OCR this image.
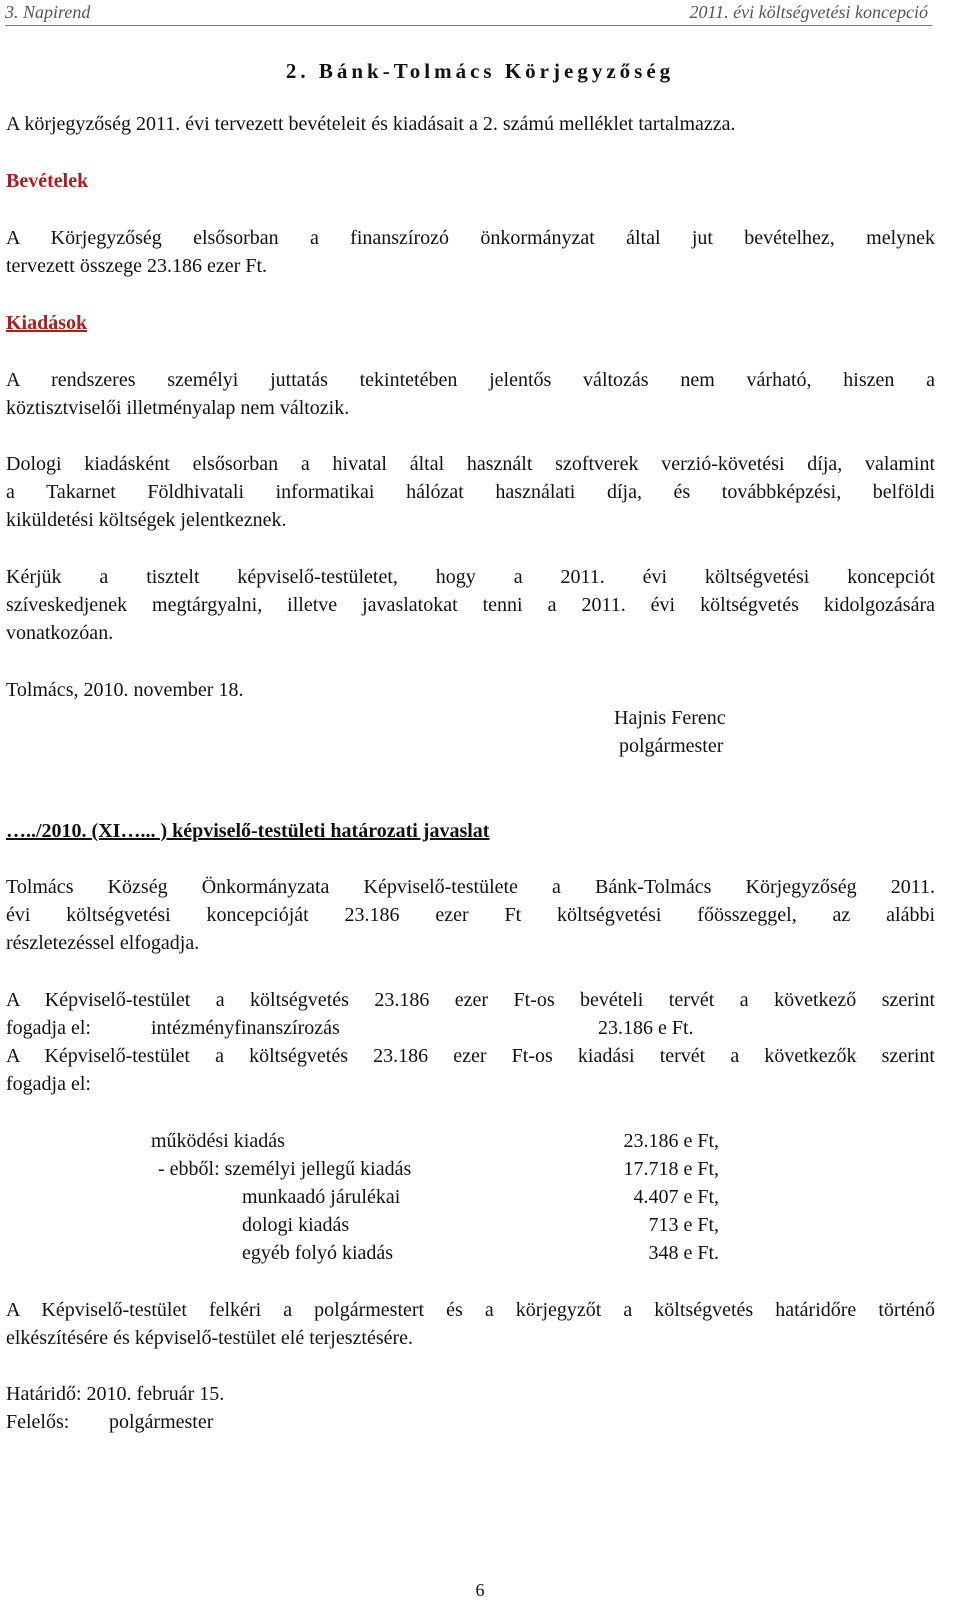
3. Napirend	2011. évi költségvetési koncepció
2. Bánk-Tolmács Körjegyzőség
A körjegyzőség 2011. évi tervezett bevételeit és kiadásait a 2. számú melléklet tartalmazza.
Bevételek
A Körjegyzőség elsősorban a finanszírozó önkormányzat által jut bevételhez, melynek
tervezett összege 23.186 ezer Ft.
Kiadások
A rendszeres személyi juttatás tekintetében jelentős változás nem várható, hiszen a
köztisztviselői illetményalap nem változik.
Dologi kiadásként elsősorban a hivatal által használt szoftverek verzió-követési díja, valamint
a Takarnet Földhivatali informatikai hálózat használati díja, és továbbképzési, belföldi
kiküldetési költségek jelentkeznek.
Kérjük a tisztelt képviselő-testületet, hogy a 2011. évi költségvetési koncepciót
szíveskedjenek megtárgyalni, illetve javaslatokat tenni a 2011. évi költségvetés kidolgozására
vonatkozóan.
Tolmács, 2010. november 18.
Hajnis Ferenc
polgármester
…../2010. (XI…... ) képviselő-testületi határozati javaslat
Tolmács Község Önkormányzata Képviselő-testülete a Bánk-Tolmács Körjegyzőség 2011.
évi költségvetési koncepcióját 23.186 ezer Ft költségvetési főösszeggel, az alábbi
részletezéssel elfogadja.
A Képviselő-testület a költségvetés 23.186 ezer Ft-os bevételi tervét a következő szerint
fogadja el:	intézményfinanszírozás	23.186 e Ft.
A Képviselő-testület a költségvetés 23.186 ezer Ft-os kiadási tervét a következők szerint
fogadja el:
működési kiadás	23.186 e Ft,
- ebből: személyi jellegű kiadás	17.718 e Ft,
munkaadó járulékai	4.407 e Ft,
dologi kiadás	713 e Ft,
egyéb folyó kiadás	348 e Ft.
A Képviselő-testület felkéri a polgármestert és a körjegyzőt a költségvetés határidőre történő
elkészítésére és képviselő-testület elé terjesztésére.
Határidő: 2010. február 15.
Felelős: polgármester
6
